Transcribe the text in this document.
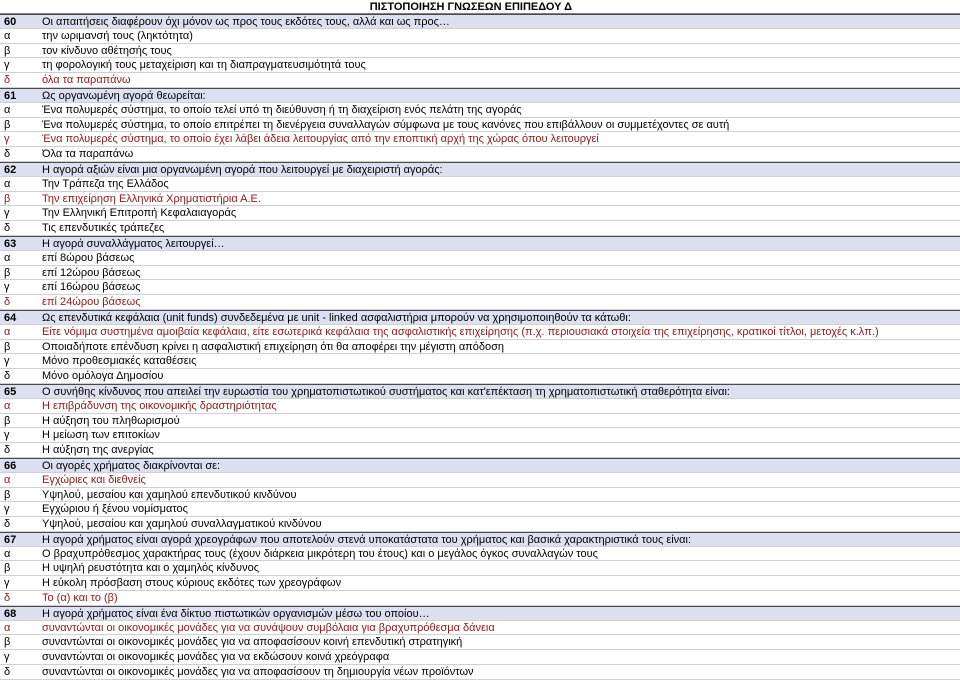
ΠΙΣΤΟΠΟΙΗΣΗ ΓΝΩΣΕΩΝ ΕΠΙΠΕΔΟΥ Δ
60	Οι απαιτήσεις διαφέρουν όχι μόνον ως προς τους εκδότες τους, αλλά και ως προς…
α	την ωριμανσή τους (ληκτότητα)
β	τον κίνδυνο αθέτησής τους
γ	τη φορολογική τους μεταχείριση και τη διαπραγματευσιμότητά τους
δ	όλα τα παραπάνω
61	Ως οργανωμένη αγορά θεωρείται:
α	Ένα πολυμερές σύστημα, το οποίο τελεί υπό τη διεύθυνση ή τη διαχείριση ενός πελάτη της αγοράς
β	Ένα πολυμερές σύστημα, το οποίο επιτρέπει τη διενέργεια συναλλαγών σύμφωνα με τους κανόνες που επιβάλλουν οι συμμετέχοντες σε αυτή
γ	Ένα πολυμερές σύστημα, το οποίο έχει λάβει άδεια λειτουργίας από την εποπτική αρχή της χώρας όπου λειτουργεί
δ	Όλα τα παραπάνω
62	Η αγορά αξιών είναι μια οργανωμένη αγορά που λειτουργεί με διαχειριστή αγοράς:
α	Την Τράπεζα της Ελλάδος
β	Την επιχείρηση Ελληνικά Χρηματιστήρια Α.Ε.
γ	Την Ελληνική Επιτροπή Κεφαλαιαγοράς
δ	Τις επενδυτικές τράπεζες
63	Η αγορά συναλλάγματος λειτουργεί…
α	επί 8ώρου βάσεως
β	επί 12ώρου βάσεως
γ	επί 16ώρου βάσεως
δ	επί 24ώρου βάσεως
64	Ως επενδυτικά κεφάλαια (unit funds) συνδεδεμένα με unit - linked ασφαλιστήρια μπορούν να χρησιμοποιηθούν τα κάτωθι:
α	Είτε νόμιμα συστημένα αμοιβαία κεφάλαια, είτε εσωτερικά κεφάλαια της ασφαλιστικής επιχείρησης (π.χ. περιουσιακά στοιχεία της επιχείρησης, κρατικοί τίτλοι, μετοχές κ.λπ.)
β	Οποιαδήποτε επένδυση κρίνει η ασφαλιστική επιχείρηση ότι θα αποφέρει την μέγιστη απόδοση
γ	Μόνο προθεσμιακές καταθέσεις
δ	Μόνο ομόλογα Δημοσίου
65	Ο συνήθης κίνδυνος που απειλεί την ευρωστία του χρηματοπιστωτικού συστήματος και κατ'επέκταση τη χρηματοπιστωτική σταθερότητα είναι:
α	Η επιβράδυνση της οικονομικής δραστηριότητας
β	Η αύξηση του πληθωρισμού
γ	Η μείωση των επιτοκίων
δ	Η αύξηση της ανεργίας
66	Οι αγορές χρήματος διακρίνονται σε:
α	Εγχώριες και διεθνείς
β	Υψηλού, μεσαίου και χαμηλού επενδυτικού κινδύνου
γ	Εγχώριου ή ξένου νομίσματος
δ	Υψηλού, μεσαίου και χαμηλού συναλλαγματικού κινδύνου
67	Η αγορά χρήματος είναι αγορά χρεογράφων που αποτελούν στενά υποκατάστατα του χρήματος και βασικά χαρακτηριστικά τους είναι:
α	Ο βραχυπρόθεσμος χαρακτήρας τους (έχουν διάρκεια μικρότερη του έτους) και ο μεγάλος όγκος συναλλαγών τους
β	Η υψηλή ρευστότητα και ο χαμηλός κίνδυνος
γ	Η εύκολη πρόσβαση στους κύριους εκδότες των χρεογράφων
δ	Το (α) και το (β)
68	Η αγορά χρήματος είναι ένα δίκτυο πιστωτικών οργανισμών μέσω του οποίου…
α	συναντώνται οι οικονομικές μονάδες για να συνάψουν συμβόλαια για βραχυπρόθεσμα δάνεια
β	συναντώνται οι οικονομικές μονάδες για να αποφασίσουν κοινή επενδυτική στρατηγική
γ	συναντώνται οι οικονομικές μονάδες για να εκδώσουν κοινά χρεόγραφα
δ	συναντώνται οι οικονομικές μονάδες για να αποφασίσουν τη δημιουργία νέων προϊόντων
